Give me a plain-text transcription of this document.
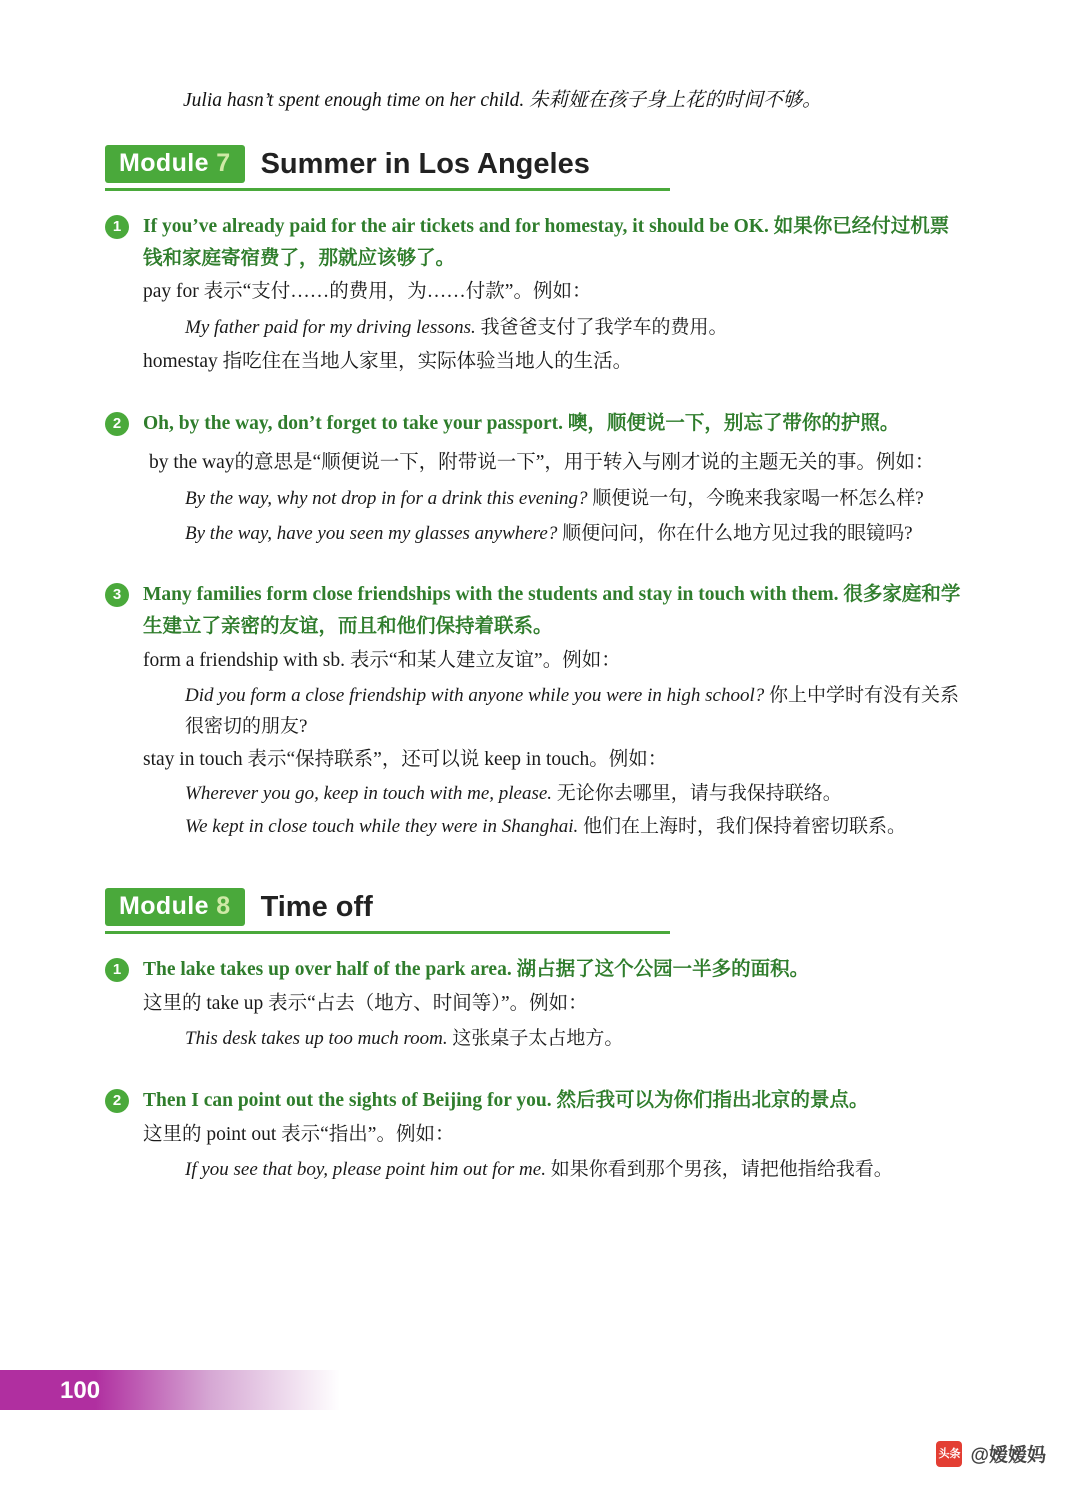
Julia hasn’t spent enough time on her child. 朱莉娅在孩子身上花的时间不够。

Module 7 Summer in Los Angeles
1	If you’ve already paid for the air tickets and for homestay, it should be OK. 如果你已经付过机票钱和家庭寄宿费了，那就应该够了。

pay for 表示“支付……的费用，为……付款”。例如：

My father paid for my driving lessons. 我爸爸支付了我学车的费用。

homestay 指吃住在当地人家里，实际体验当地人的生活。

2	Oh, by the way, don’t forget to take your passport. 噢，顺便说一下，别忘了带你的护照。

by the way的意思是“顺便说一下，附带说一下”，用于转入与刚才说的主题无关的事。例如：

By the way, why not drop in for a drink this evening? 顺便说一句，今晚来我家喝一杯怎么样?

By the way, have you seen my glasses anywhere? 顺便问问，你在什么地方见过我的眼镜吗?

3	Many families form close friendships with the students and stay in touch with them. 很多家庭和学生建立了亲密的友谊，而且和他们保持着联系。

form a friendship with sb. 表示“和某人建立友谊”。例如：

Did you form a close friendship with anyone while you were in high school? 你上中学时有没有关系很密切的朋友?

stay in touch 表示“保持联系”，还可以说 keep in touch。例如：

Wherever you go, keep in touch with me, please. 无论你去哪里，请与我保持联络。

We kept in close touch while they were in Shanghai. 他们在上海时，我们保持着密切联系。

Module 8 Time off
1	The lake takes up over half of the park area. 湖占据了这个公园一半多的面积。

这里的 take up 表示“占去（地方、时间等）”。例如：

This desk takes up too much room. 这张桌子太占地方。

2	Then I can point out the sights of Beijing for you. 然后我可以为你们指出北京的景点。

这里的 point out 表示“指出”。例如：

If you see that boy, please point him out for me. 如果你看到那个男孩，请把他指给我看。

100
头条 @嫒嫒妈
